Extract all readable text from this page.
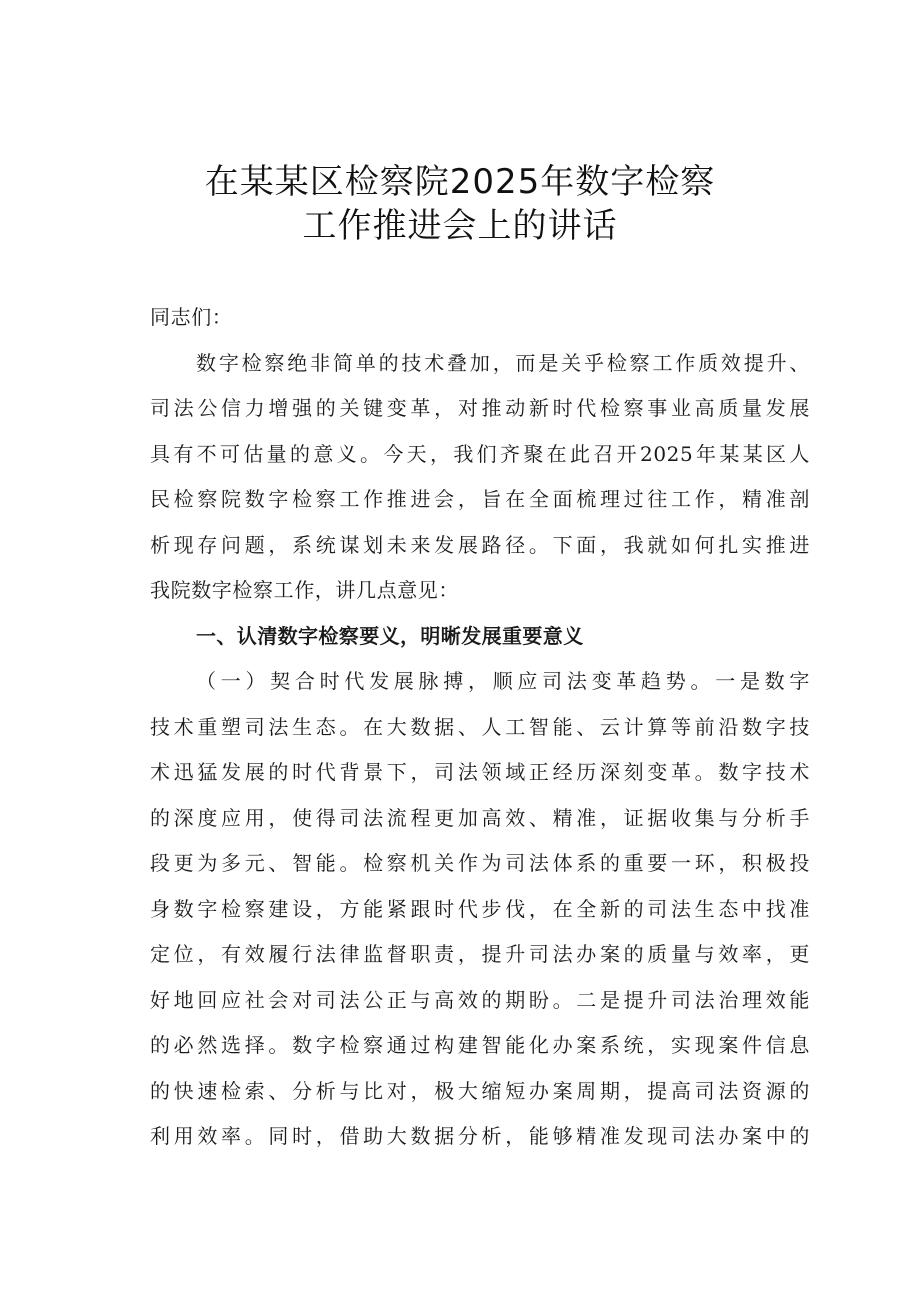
在某某区检察院2025年数字检察
工作推进会上的讲话
同志们：
数字检察绝非简单的技术叠加，而是关乎检察工作质效提升、
司法公信力增强的关键变革，对推动新时代检察事业高质量发展
具有不可估量的意义。今天，我们齐聚在此召开2025年某某区人
民检察院数字检察工作推进会，旨在全面梳理过往工作，精准剖
析现存问题，系统谋划未来发展路径。下面，我就如何扎实推进
我院数字检察工作，讲几点意见：
一、认清数字检察要义，明晰发展重要意义
（一）契合时代发展脉搏，顺应司法变革趋势。一是数字
技术重塑司法生态。在大数据、人工智能、云计算等前沿数字技
术迅猛发展的时代背景下，司法领域正经历深刻变革。数字技术
的深度应用，使得司法流程更加高效、精准，证据收集与分析手
段更为多元、智能。检察机关作为司法体系的重要一环，积极投
身数字检察建设，方能紧跟时代步伐，在全新的司法生态中找准
定位，有效履行法律监督职责，提升司法办案的质量与效率，更
好地回应社会对司法公正与高效的期盼。二是提升司法治理效能
的必然选择。数字检察通过构建智能化办案系统，实现案件信息
的快速检索、分析与比对，极大缩短办案周期，提高司法资源的
利用效率。同时，借助大数据分析，能够精准发现司法办案中的
